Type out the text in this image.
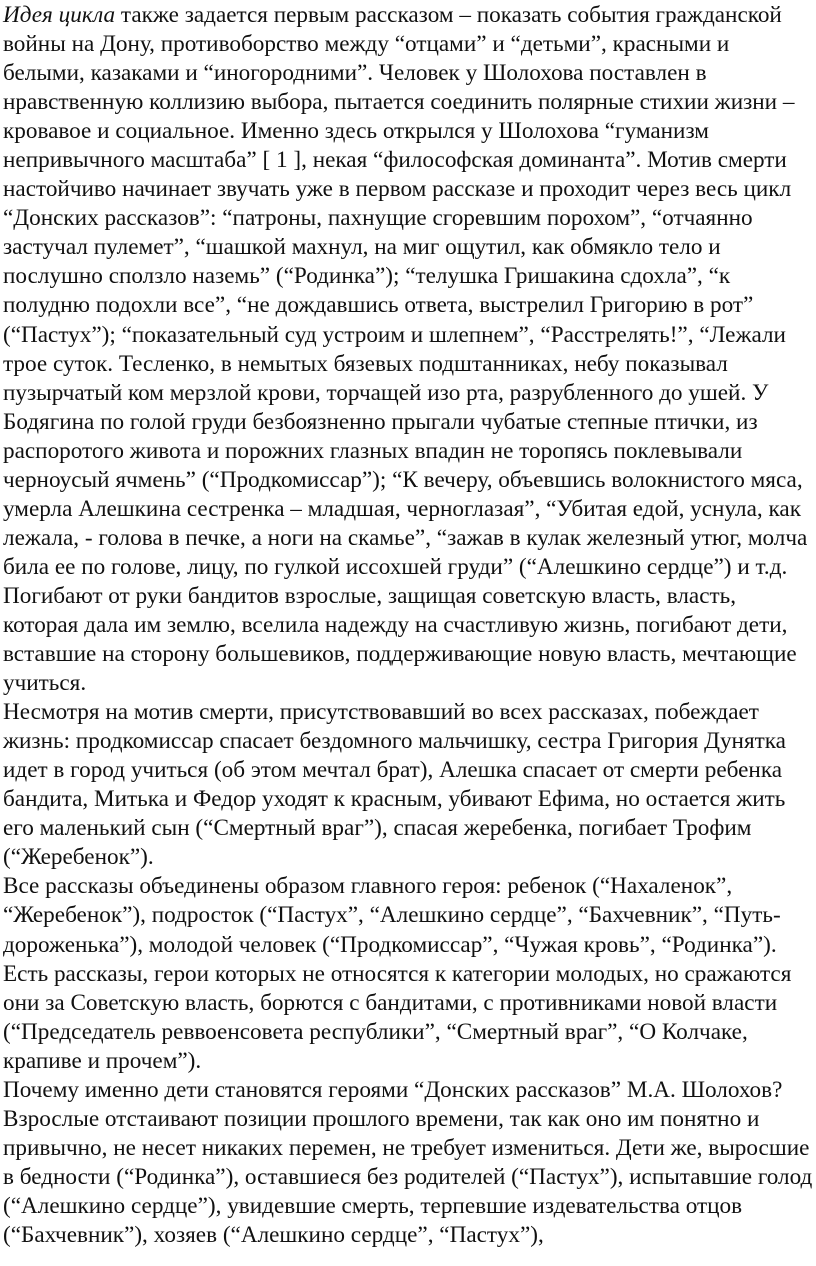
Идея цикла также задается первым рассказом – показать события гражданской войны на Дону, противоборство между “отцами” и “детьми”, красными и белыми, казаками и “иногородними”. Человек у Шолохова поставлен в нравственную коллизию выбора, пытается соединить полярные стихии жизни – кровавое и социальное. Именно здесь открылся у Шолохова “гуманизм непривычного масштаба” [ 1 ], некая “философская доминанта”. Мотив смерти настойчиво начинает звучать уже в первом рассказе и проходит через весь цикл “Донских рассказов”: “патроны, пахнущие сгоревшим порохом”, “отчаянно застучал пулемет”, “шашкой махнул, на миг ощутил, как обмякло тело и послушно сползло наземь” (“Родинка”); “телушка Гришакина сдохла”, “к полудню подохли все”, “не дождавшись ответа, выстрелил Григорию в рот” (“Пастух”); “показательный суд устроим и шлепнем”, “Расстрелять!”, “Лежали трое суток. Тесленко, в немытых бязевых подштанниках, небу показывал пузырчатый ком мерзлой крови, торчащей изо рта, разрубленного до ушей. У Бодягина по голой груди безбоязненно прыгали чубатые степные птички, из распоротого живота и порожних глазных впадин не торопясь поклевывали черноусый ячмень” (“Продкомиссар”); “К вечеру, объевшись волокнистого мяса, умерла Алешкина сестренка – младшая, черноглазая”, “Убитая едой, уснула, как лежала, - голова в печке, а ноги на скамье”, “зажав в кулак железный утюг, молча била ее по голове, лицу, по гулкой иссохшей груди” (“Алешкино сердце”) и т.д. Погибают от руки бандитов взрослые, защищая советскую власть, власть, которая дала им землю, вселила надежду на счастливую жизнь, погибают дети, вставшие на сторону большевиков, поддерживающие новую власть, мечтающие учиться.

Несмотря на мотив смерти, присутствовавший во всех рассказах, побеждает жизнь: продкомиссар спасает бездомного мальчишку, сестра Григория Дунятка идет в город учиться (об этом мечтал брат), Алешка спасает от смерти ребенка бандита, Митька и Федор уходят к красным, убивают Ефима, но остается жить его маленький сын (“Смертный враг”), спасая жеребенка, погибает Трофим (“Жеребенок”).

Все рассказы объединены образом главного героя: ребенок (“Нахаленок”, “Жеребенок”), подросток (“Пастух”, “Алешкино сердце”, “Бахчевник”, “Путь-дороженька”), молодой человек (“Продкомиссар”, “Чужая кровь”, “Родинка”). Есть рассказы, герои которых не относятся к категории молодых, но сражаются они за Советскую власть, борются с бандитами, с противниками новой власти (“Председатель реввоенсовета республики”, “Смертный враг”, “О Колчаке, крапиве и прочем”).

Почему именно дети становятся героями “Донских рассказов” М.А. Шолохов?

Взрослые отстаивают позиции прошлого времени, так как оно им понятно и привычно, не несет никаких перемен, не требует измениться. Дети же, выросшие в бедности (“Родинка”), оставшиеся без родителей (“Пастух”), испытавшие голод (“Алешкино сердце”), увидевшие смерть, терпевшие издевательства отцов (“Бахчевник”), хозяев (“Алешкино сердце”, “Пастух”),
